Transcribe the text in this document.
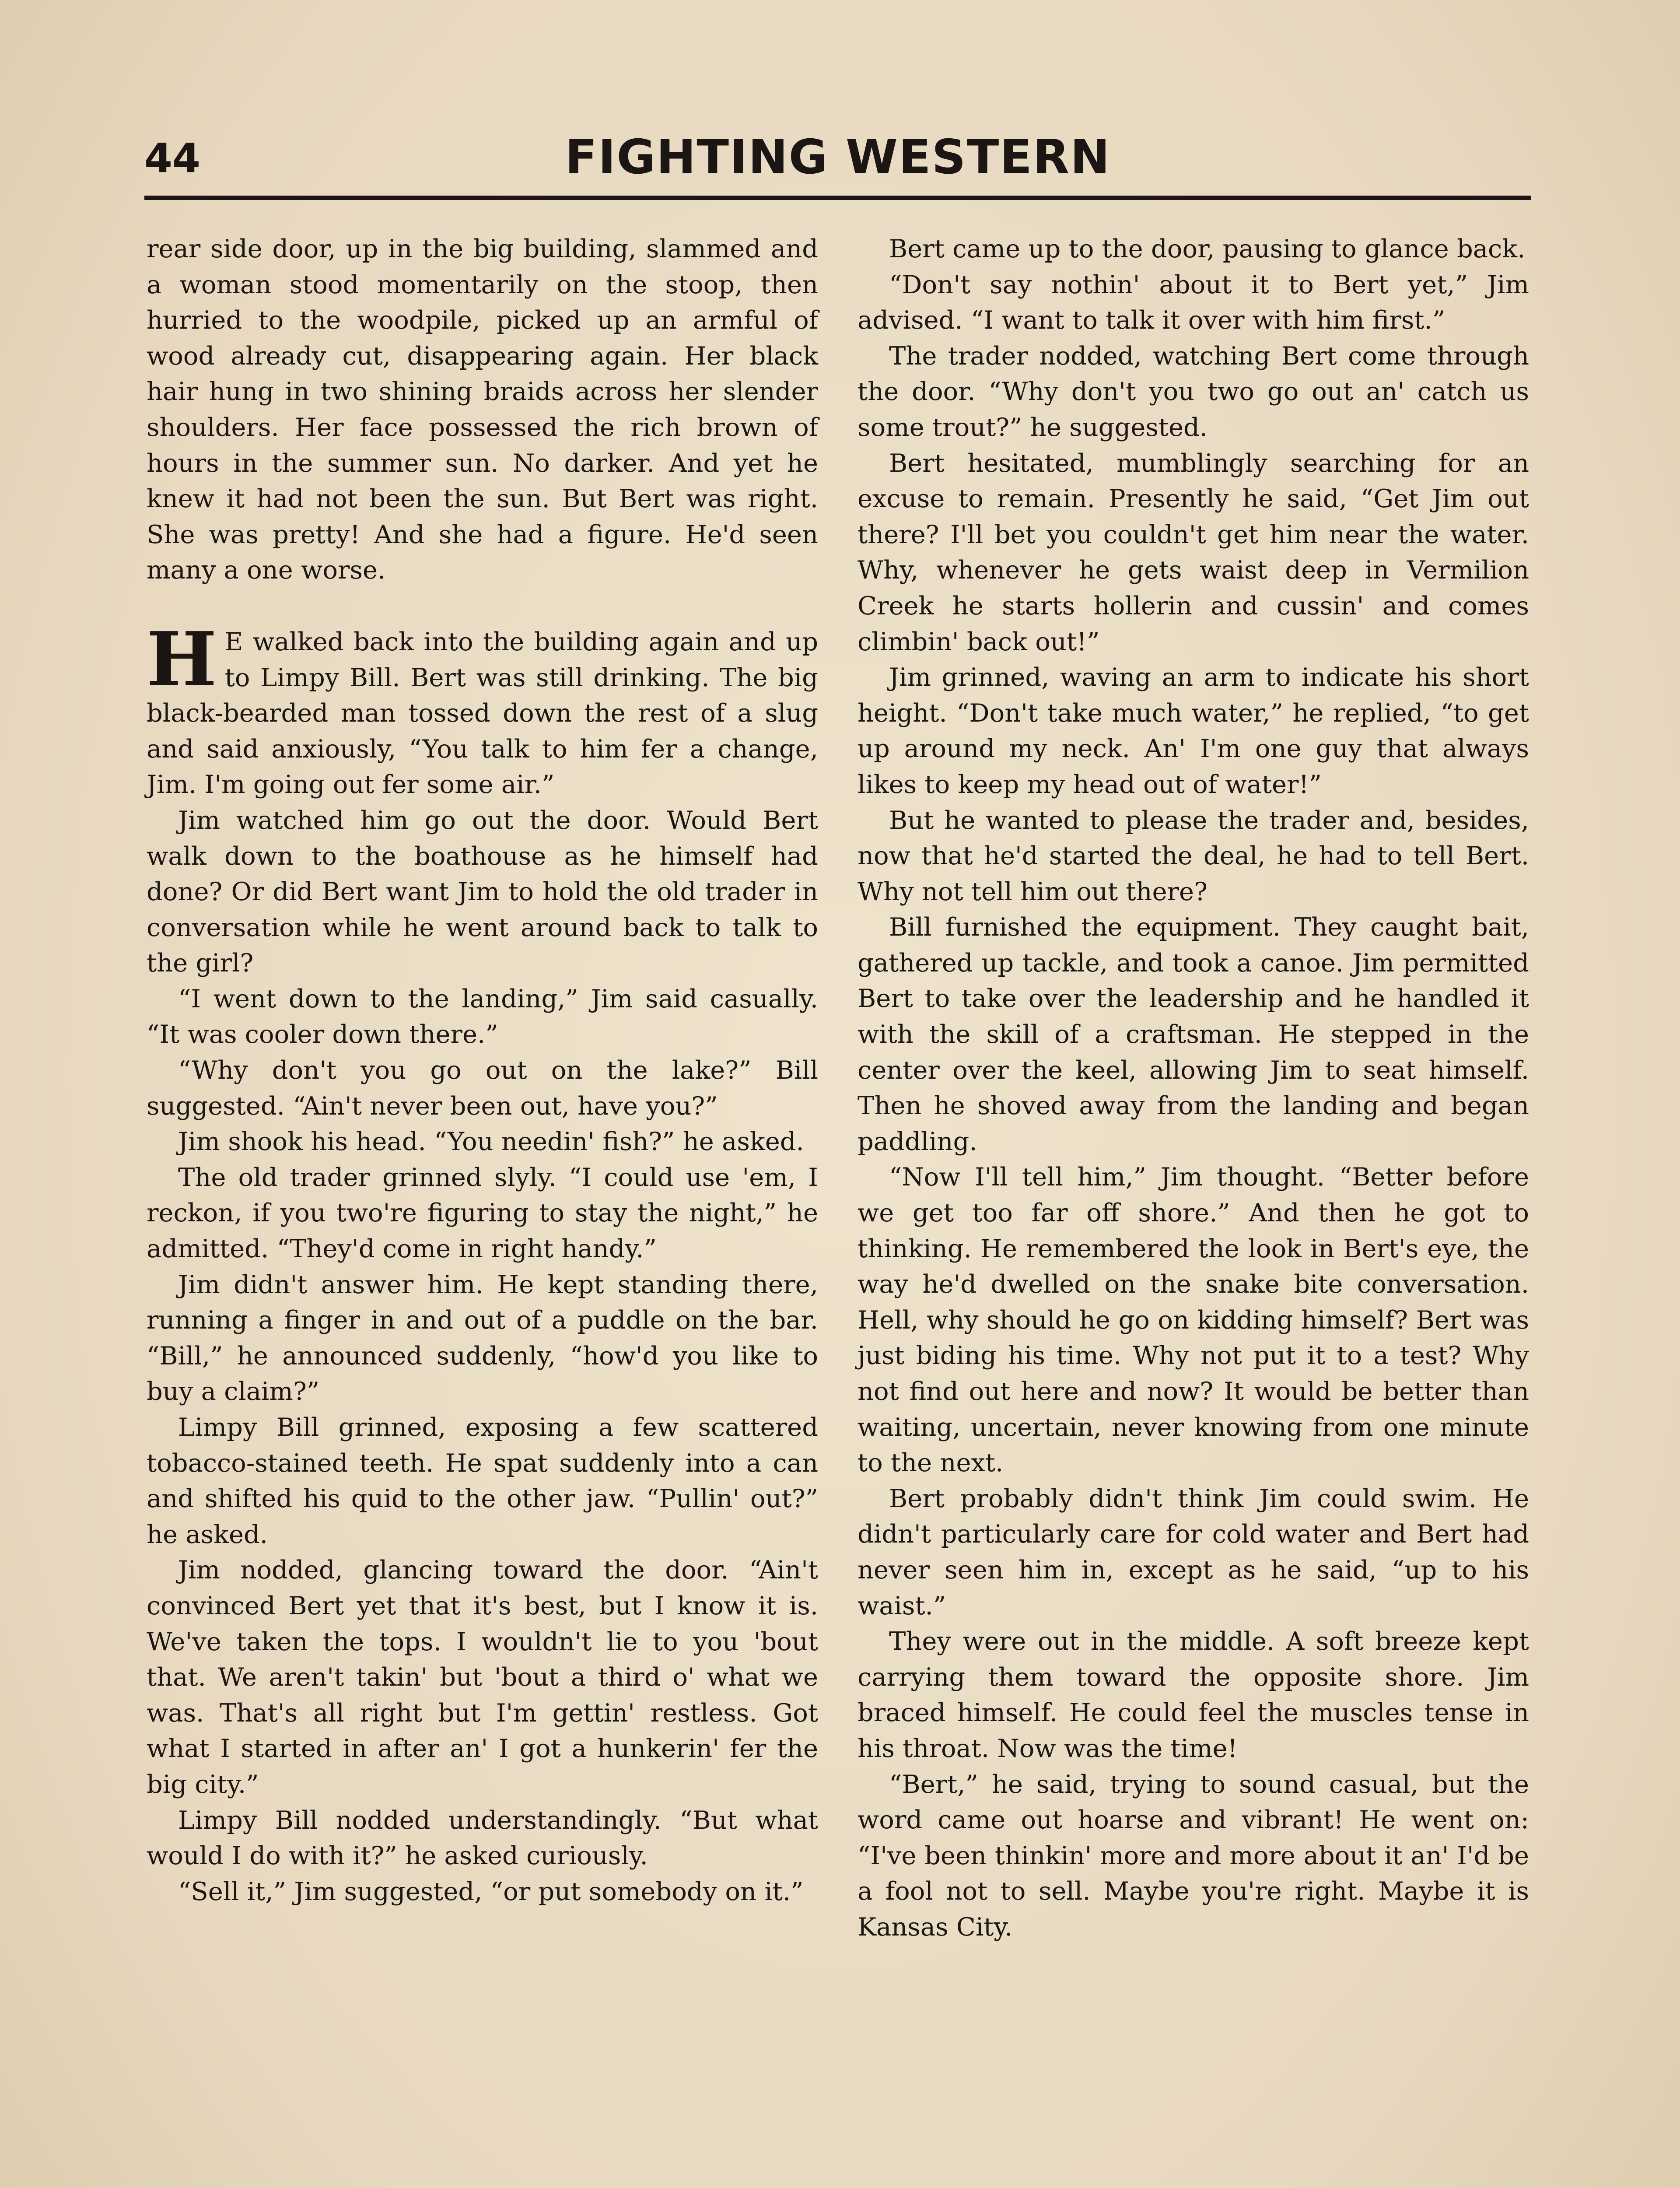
44	FIGHTING WESTERN

rear side door, up in the big building, slammed and a woman stood momentarily on the stoop, then hurried to the woodpile, picked up an armful of wood already cut, disappearing again. Her black hair hung in two shining braids across her slender shoulders. Her face possessed the rich brown of hours in the summer sun. No darker. And yet he knew it had not been the sun. But Bert was right. She was pretty! And she had a figure. He'd seen many a one worse.

H E walked back into the building again and up to Limpy Bill. Bert was still drinking. The big black-bearded man tossed down the rest of a slug and said anxiously, “You talk to him fer a change, Jim. I'm going out fer some air.”

Jim watched him go out the door. Would Bert walk down to the boathouse as he himself had done? Or did Bert want Jim to hold the old trader in conversation while he went around back to talk to the girl?

“I went down to the landing,” Jim said casually. “It was cooler down there.”

“Why don't you go out on the lake?” Bill suggested. “Ain't never been out, have you?”

Jim shook his head. “You needin' fish?” he asked.

The old trader grinned slyly. “I could use 'em, I reckon, if you two're figuring to stay the night,” he admitted. “They'd come in right handy.”

Jim didn't answer him. He kept standing there, running a finger in and out of a puddle on the bar. “Bill,” he announced suddenly, “how'd you like to buy a claim?”

Limpy Bill grinned, exposing a few scattered tobacco-stained teeth. He spat suddenly into a can and shifted his quid to the other jaw. “Pullin' out?” he asked.

Jim nodded, glancing toward the door. “Ain't convinced Bert yet that it's best, but I know it is. We've taken the tops. I wouldn't lie to you 'bout that. We aren't takin' but 'bout a third o' what we was. That's all right but I'm gettin' restless. Got what I started in after an' I got a hunkerin' fer the big city.”

Limpy Bill nodded understandingly. “But what would I do with it?” he asked curiously.

“Sell it,” Jim suggested, “or put somebody on it.”

Bert came up to the door, pausing to glance back.

“Don't say nothin' about it to Bert yet,” Jim advised. “I want to talk it over with him first.”

The trader nodded, watching Bert come through the door. “Why don't you two go out an' catch us some trout?” he suggested.

Bert hesitated, mumblingly searching for an excuse to remain. Presently he said, “Get Jim out there? I'll bet you couldn't get him near the water. Why, whenever he gets waist deep in Vermilion Creek he starts hollerin and cussin' and comes climbin' back out!”

Jim grinned, waving an arm to indicate his short height. “Don't take much water,” he replied, “to get up around my neck. An' I'm one guy that always likes to keep my head out of water!”

But he wanted to please the trader and, besides, now that he'd started the deal, he had to tell Bert. Why not tell him out there?

Bill furnished the equipment. They caught bait, gathered up tackle, and took a canoe. Jim permitted Bert to take over the leadership and he handled it with the skill of a craftsman. He stepped in the center over the keel, allowing Jim to seat himself. Then he shoved away from the landing and began paddling.

“Now I'll tell him,” Jim thought. “Better before we get too far off shore.” And then he got to thinking. He remembered the look in Bert's eye, the way he'd dwelled on the snake bite conversation. Hell, why should he go on kidding himself? Bert was just biding his time. Why not put it to a test? Why not find out here and now? It would be better than waiting, uncertain, never knowing from one minute to the next.

Bert probably didn't think Jim could swim. He didn't particularly care for cold water and Bert had never seen him in, except as he said, “up to his waist.”

They were out in the middle. A soft breeze kept carrying them toward the opposite shore. Jim braced himself. He could feel the muscles tense in his throat. Now was the time!

“Bert,” he said, trying to sound casual, but the word came out hoarse and vibrant! He went on: “I've been thinkin' more and more about it an' I'd be a fool not to sell. Maybe you're right. Maybe it is Kansas City.
